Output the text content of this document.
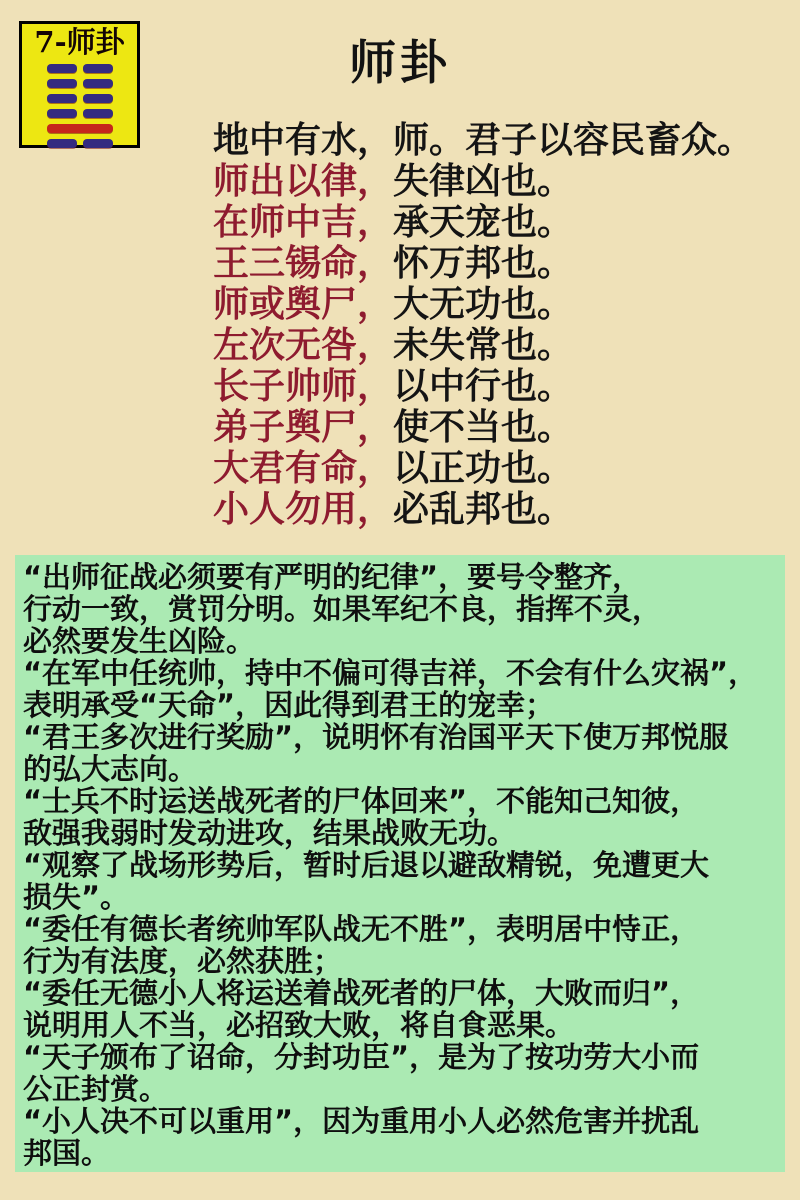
7-师卦	师卦
地中有水，师。君子以容民畜众。
师出以律，失律凶也。
在师中吉，承天宠也。
王三锡命，怀万邦也。
师或舆尸，大无功也。
左次无咎，未失常也。
长子帅师，以中行也。
弟子舆尸，使不当也。
大君有命，以正功也。
小人勿用，必乱邦也。
“出师征战必须要有严明的纪律”，要号令整齐，
行动一致，赏罚分明。如果军纪不良，指挥不灵，
必然要发生凶险。
“在军中任统帅，持中不偏可得吉祥，不会有什么灾祸”，
表明承受“天命”，因此得到君王的宠幸；
“君王多次进行奖励”，说明怀有治国平天下使万邦悦服
的弘大志向。
“士兵不时运送战死者的尸体回来”，不能知己知彼，
敌强我弱时发动进攻，结果战败无功。
“观察了战场形势后，暂时后退以避敌精锐，免遭更大
损失”。
“委任有德长者统帅军队战无不胜”，表明居中恃正，
行为有法度，必然获胜；
“委任无德小人将运送着战死者的尸体，大败而归”，
说明用人不当，必招致大败，将自食恶果。
“天子颁布了诏命，分封功臣”，是为了按功劳大小而
公正封赏。
“小人决不可以重用”，因为重用小人必然危害并扰乱
邦国。
